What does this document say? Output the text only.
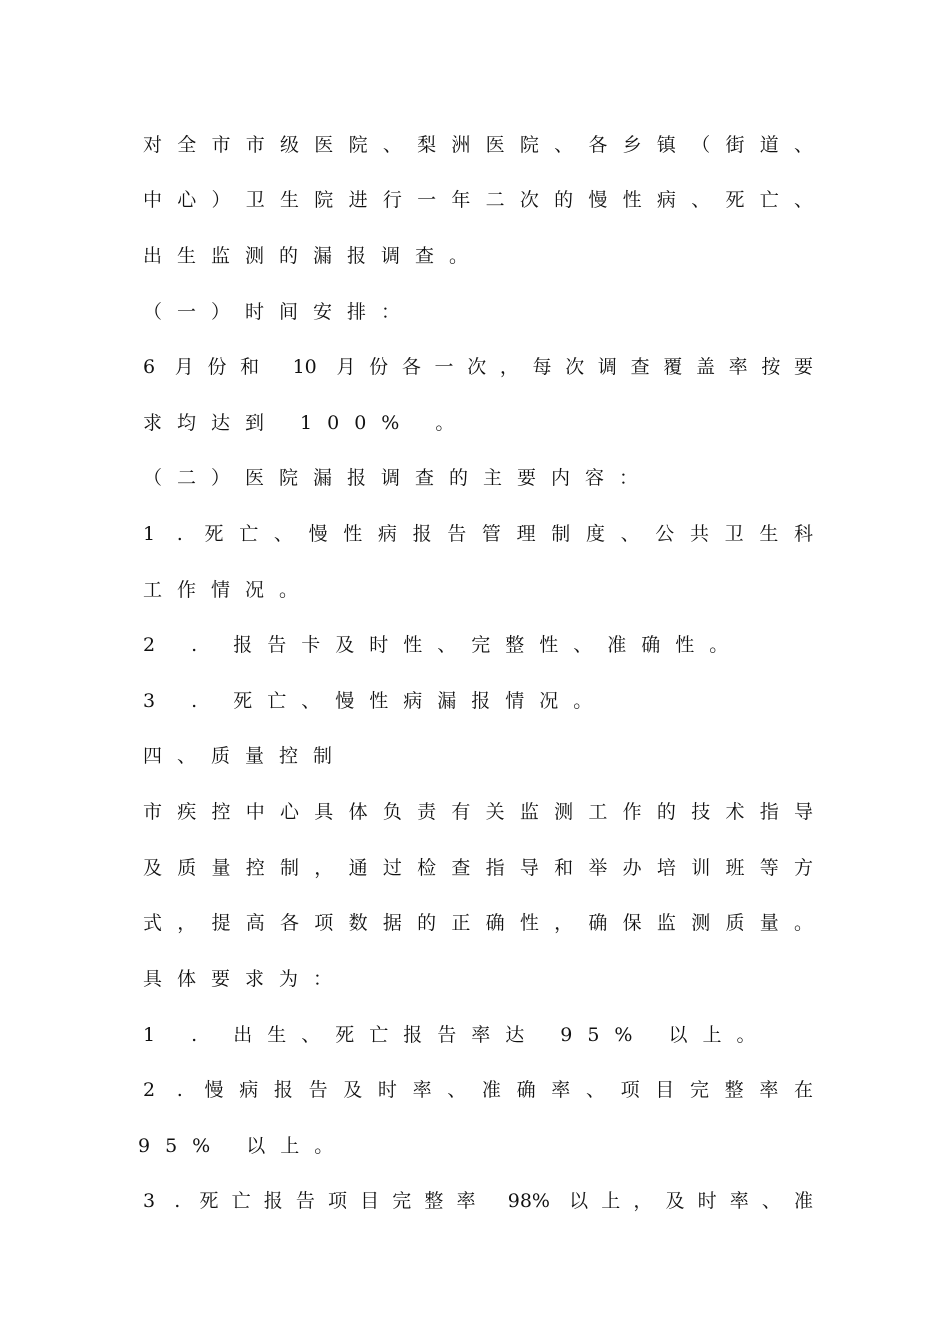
对全市市级医院、梨洲医院、各乡镇（街道、
中心）卫生院进行一年二次的慢性病、死亡、
出生监测的漏报调查。
（一）时间安排：
6 月份和 10 月份各一次，每次调查覆盖率按要
求均达到 100% 。
（二）医院漏报调查的主要内容：
1 . 死亡、慢性病报告管理制度、公共卫生科
工作情况。
2 . 报告卡及时性、完整性、准确性。
3 . 死亡、慢性病漏报情况。
四、质量控制
市疾控中心具体负责有关监测工作的技术指导
及质量控制，通过检查指导和举办培训班等方
式，提高各项数据的正确性，确保监测质量。
具体要求为：
1 . 出生、死亡报告率达 95% 以上。
2 . 慢病报告及时率、准确率、项目完整率在
95% 以上。
3 . 死亡报告项目完整率 98% 以上，及时率、准
